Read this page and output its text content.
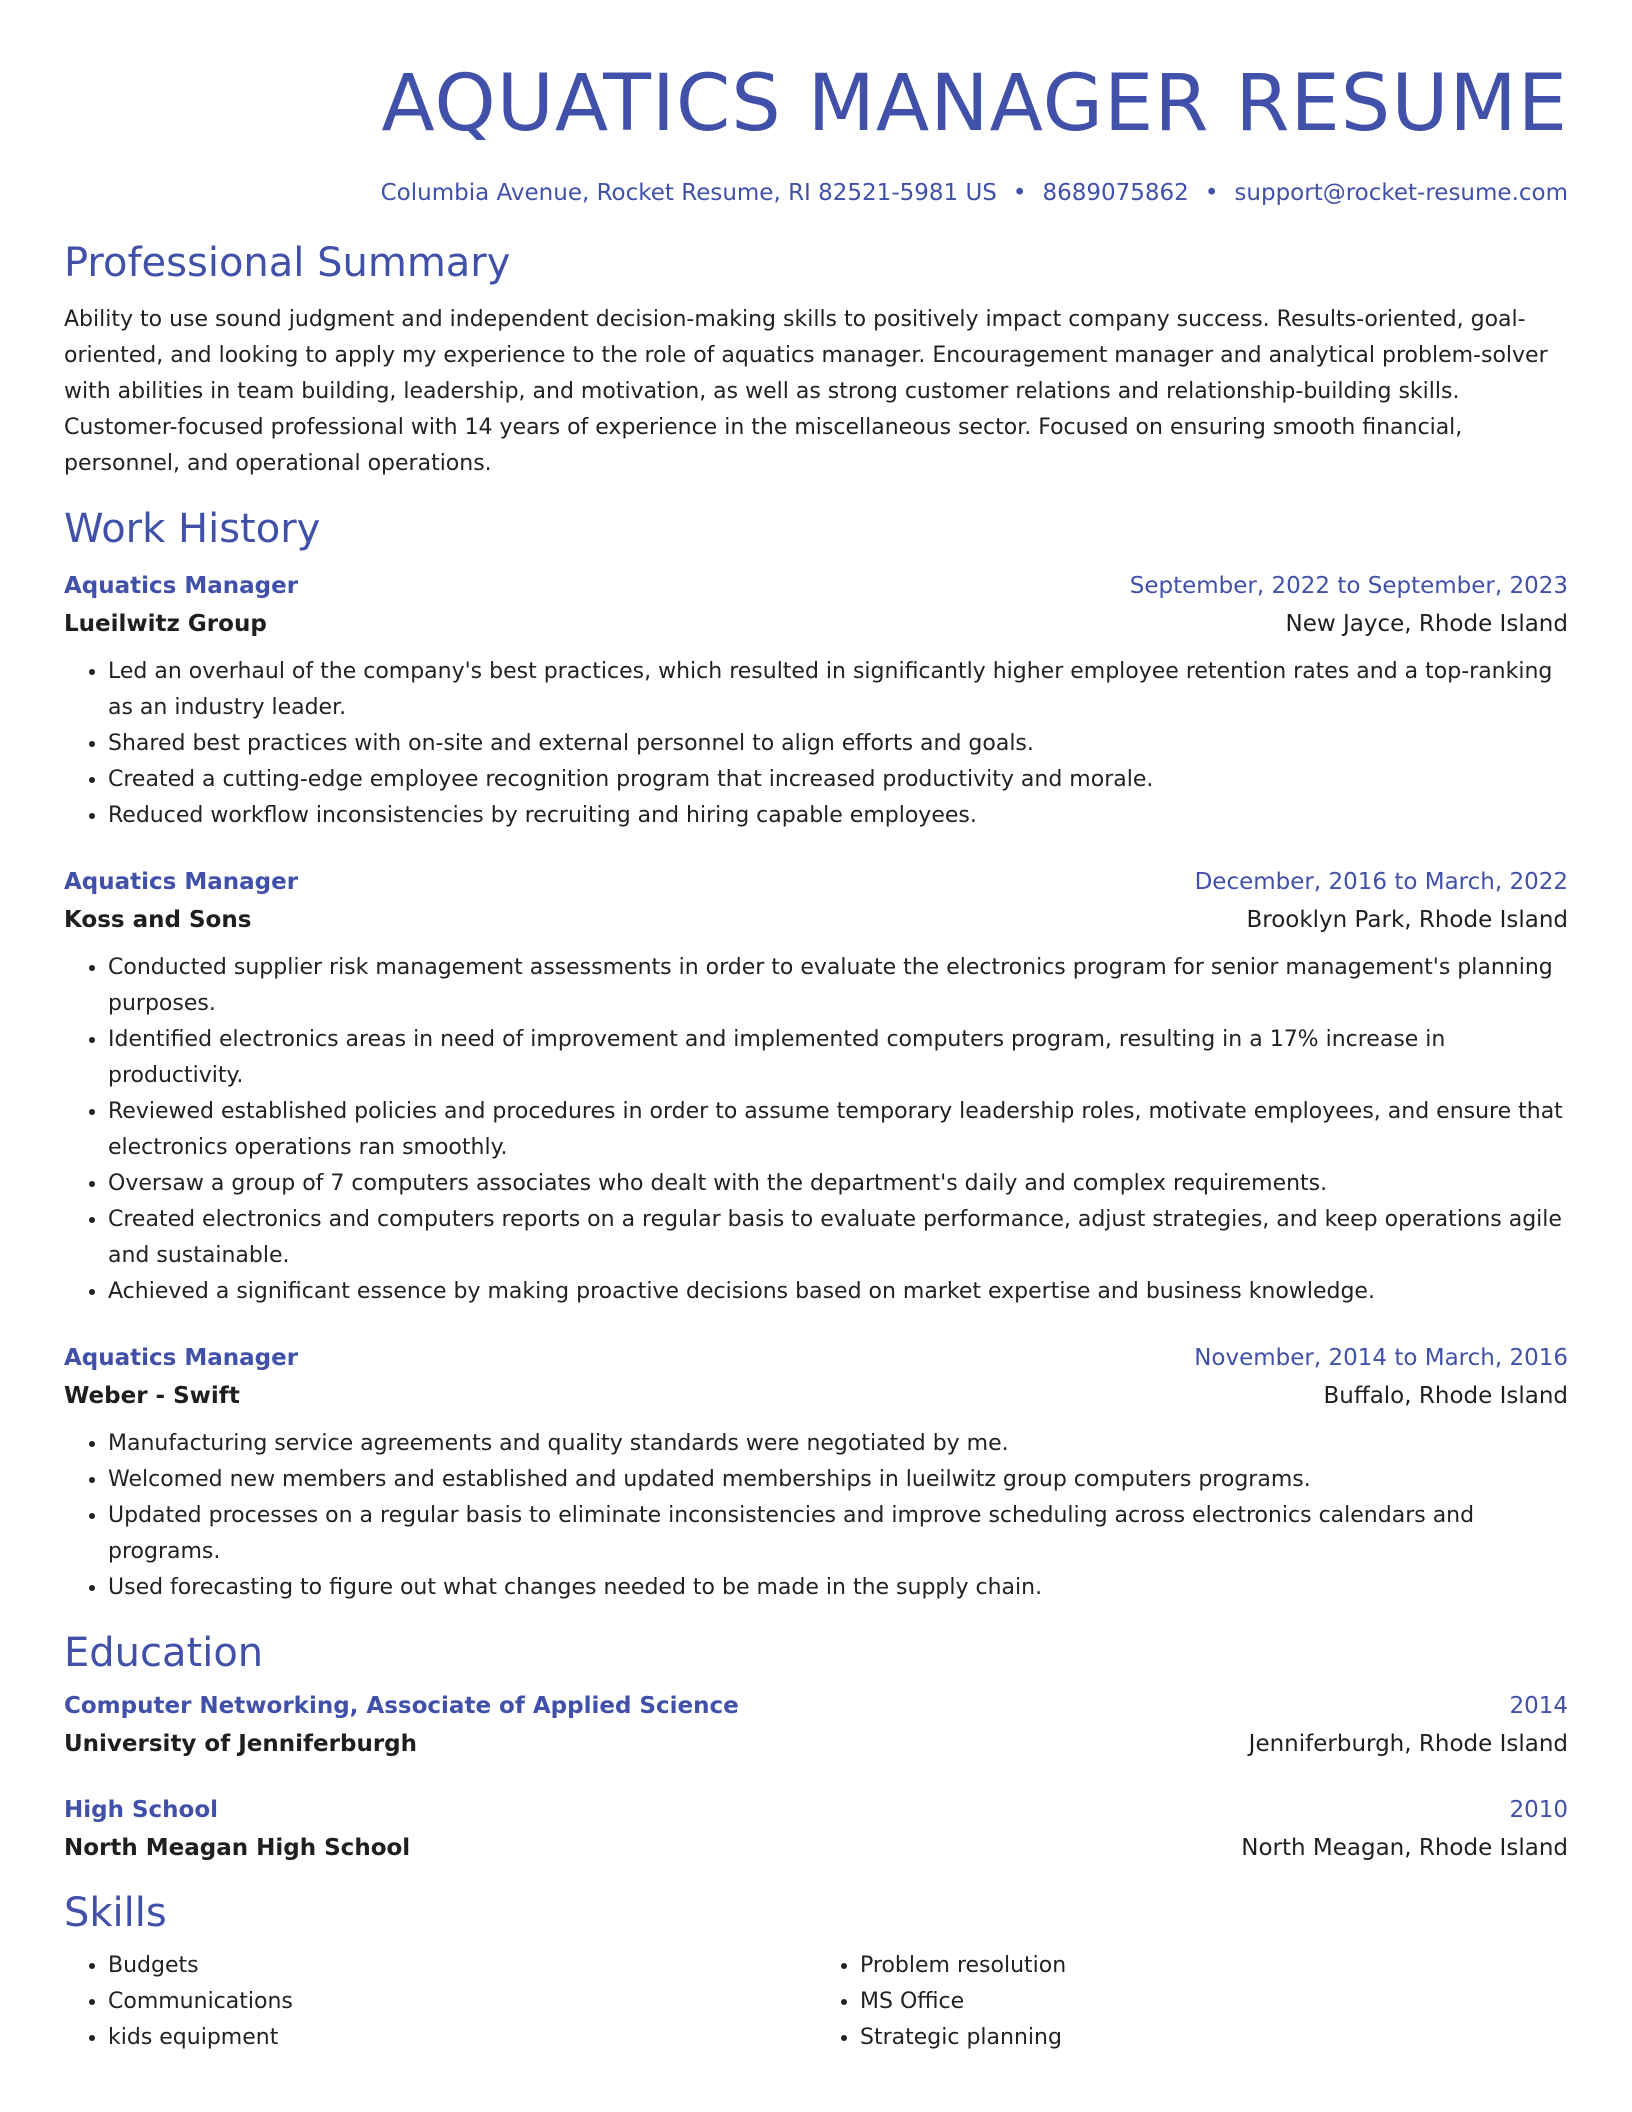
AQUATICS MANAGER RESUME
Columbia Avenue, Rocket Resume, RI 82521-5981 US • 8689075862 • support@rocket-resume.com
Professional Summary

Ability to use sound judgment and independent decision-making skills to positively impact company success. Results-oriented, goal-oriented, and looking to apply my experience to the role of aquatics manager. Encouragement manager and analytical problem-solver with abilities in team building, leadership, and motivation, as well as strong customer relations and relationship-building skills. Customer-focused professional with 14 years of experience in the miscellaneous sector. Focused on ensuring smooth financial, personnel, and operational operations.

Work History
Aquatics Manager	September, 2022 to September, 2023
Lueilwitz Group	New Jayce, Rhode Island
• Led an overhaul of the company's best practices, which resulted in significantly higher employee retention rates and a top-ranking as an industry leader.
• Shared best practices with on-site and external personnel to align efforts and goals.
• Created a cutting-edge employee recognition program that increased productivity and morale.
• Reduced workflow inconsistencies by recruiting and hiring capable employees.
Aquatics Manager	December, 2016 to March, 2022
Koss and Sons	Brooklyn Park, Rhode Island
• Conducted supplier risk management assessments in order to evaluate the electronics program for senior management's planning purposes.
• Identified electronics areas in need of improvement and implemented computers program, resulting in a 17% increase in productivity.
• Reviewed established policies and procedures in order to assume temporary leadership roles, motivate employees, and ensure that electronics operations ran smoothly.
• Oversaw a group of 7 computers associates who dealt with the department's daily and complex requirements.
• Created electronics and computers reports on a regular basis to evaluate performance, adjust strategies, and keep operations agile and sustainable.
• Achieved a significant essence by making proactive decisions based on market expertise and business knowledge.
Aquatics Manager	November, 2014 to March, 2016
Weber - Swift	Buffalo, Rhode Island
• Manufacturing service agreements and quality standards were negotiated by me.
• Welcomed new members and established and updated memberships in lueilwitz group computers programs.
• Updated processes on a regular basis to eliminate inconsistencies and improve scheduling across electronics calendars and programs.
• Used forecasting to figure out what changes needed to be made in the supply chain.
Education
Computer Networking, Associate of Applied Science	2014
University of Jenniferburgh	Jenniferburgh, Rhode Island
High School	2010
North Meagan High School	North Meagan, Rhode Island
Skills
• Budgets
• Communications
• kids equipment
• Problem resolution
• MS Office
• Strategic planning
